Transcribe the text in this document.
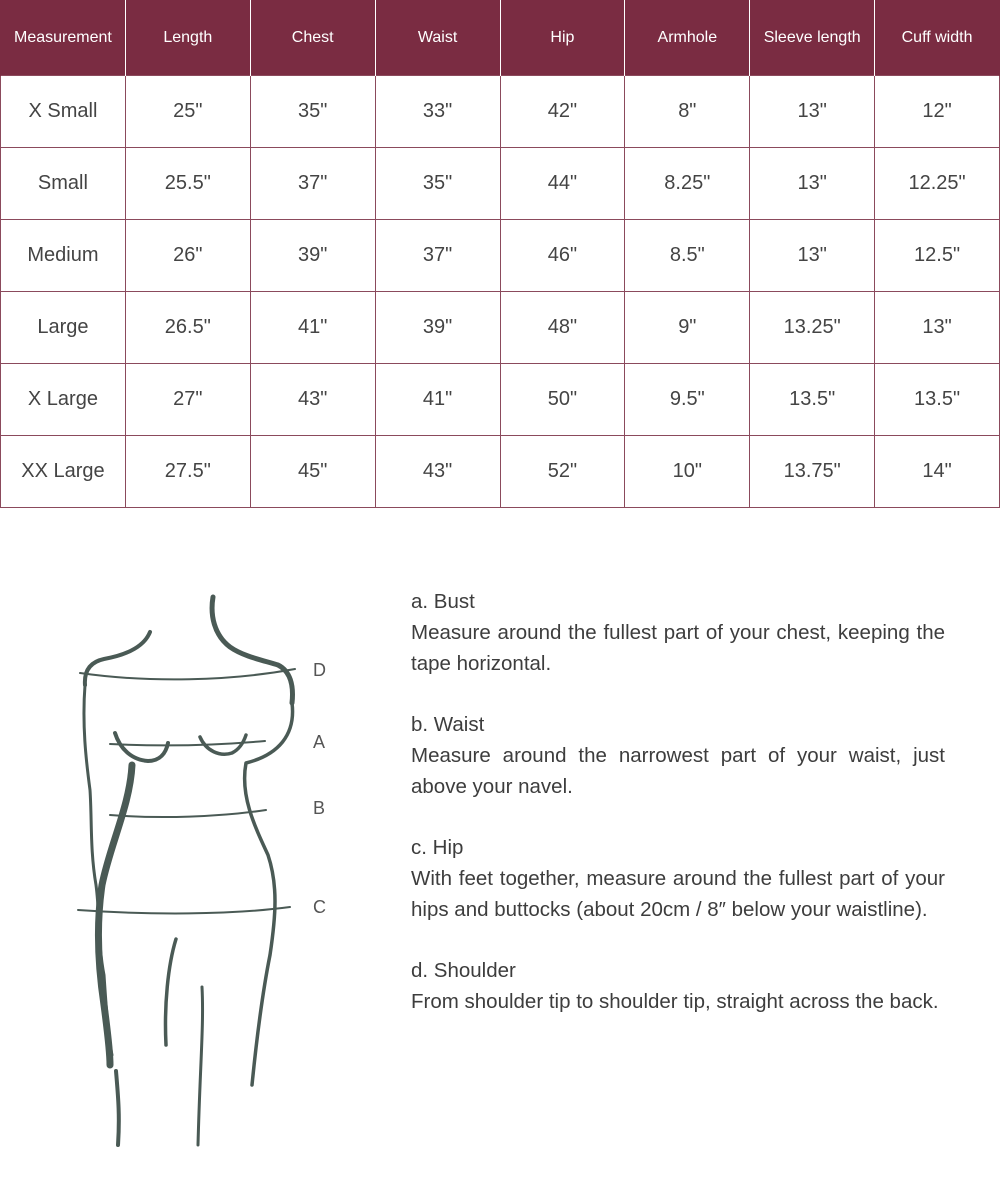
Measurement	Length	Chest	Waist	Hip	Armhole	Sleeve length	Cuff width
X Small	25"	35"	33"	42"	8"	13"	12"
Small	25.5"	37"	35"	44"	8.25"	13"	12.25"
Medium	26"	39"	37"	46"	8.5"	13"	12.5"
Large	26.5"	41"	39"	48"	9"	13.25"	13"
X Large	27"	43"	41"	50"	9.5"	13.5"	13.5"
XX Large	27.5"	45"	43"	52"	10"	13.75"	14"
D
A
B
C
a. Bust
Measure around the fullest part of your chest, keeping the tape horizontal.
b. Waist
Measure around the narrowest part of your waist, just above your navel.
c. Hip
With feet together, measure around the fullest part of your hips and buttocks (about 20cm / 8″ below your waistline).
d. Shoulder
From shoulder tip to shoulder tip, straight across the back.
